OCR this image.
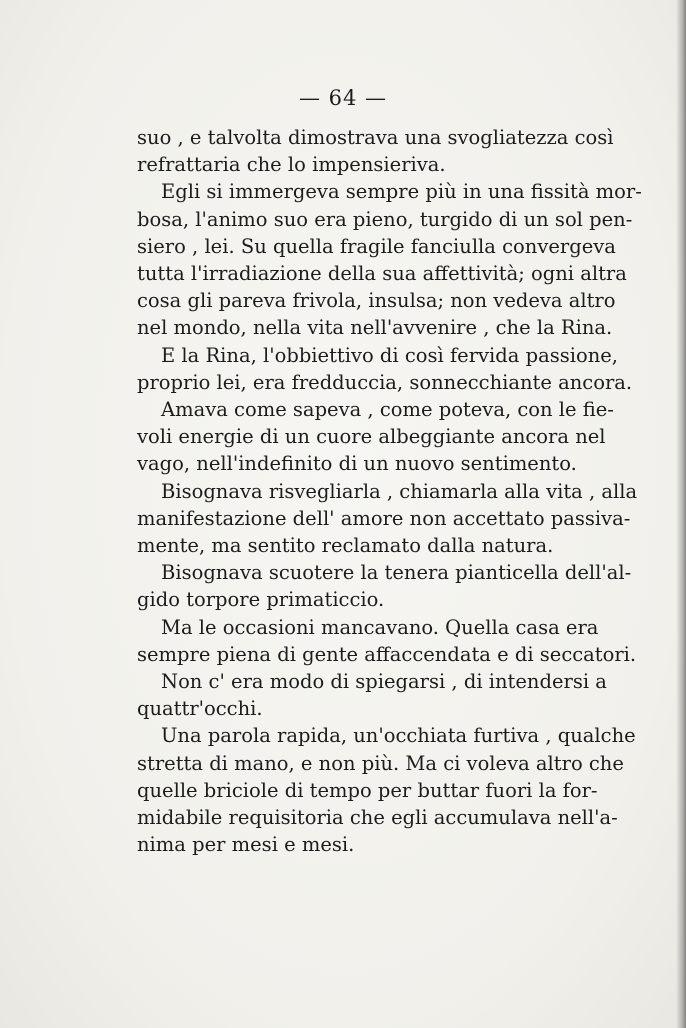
— 64 —
suo , e talvolta dimostrava una svogliatezza così
refrattaria che lo impensieriva.
Egli si immergeva sempre più in una fissità mor-
bosa, l'animo suo era pieno, turgido di un sol pen-
siero , lei. Su quella fragile fanciulla convergeva
tutta l'irradiazione della sua affettività; ogni altra
cosa gli pareva frivola, insulsa; non vedeva altro
nel mondo, nella vita nell'avvenire , che la Rina.
E la Rina, l'obbiettivo di così fervida passione,
proprio lei, era fredduccia, sonnecchiante ancora.
Amava come sapeva , come poteva, con le fie-
voli energie di un cuore albeggiante ancora nel
vago, nell'indefinito di un nuovo sentimento.
Bisognava risvegliarla , chiamarla alla vita , alla
manifestazione dell' amore non accettato passiva-
mente, ma sentito reclamato dalla natura.
Bisognava scuotere la tenera pianticella dell'al-
gido torpore primaticcio.
Ma le occasioni mancavano. Quella casa era
sempre piena di gente affaccendata e di seccatori.
Non c' era modo di spiegarsi , di intendersi a
quattr'occhi.
Una parola rapida, un'occhiata furtiva , qualche
stretta di mano, e non più. Ma ci voleva altro che
quelle briciole di tempo per buttar fuori la for-
midabile requisitoria che egli accumulava nell'a-
nima per mesi e mesi.
